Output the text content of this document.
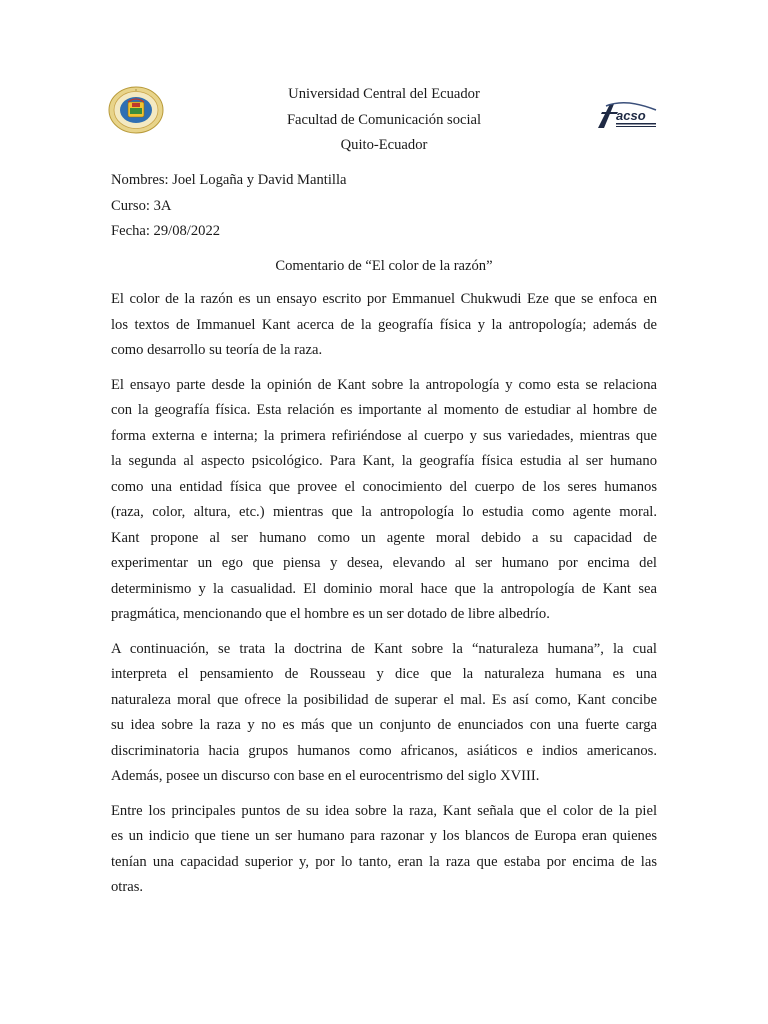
acso
Universidad Central del Ecuador
Facultad de Comunicación social
Quito-Ecuador
Nombres: Joel Logaña y David Mantilla
Curso: 3A
Fecha: 29/08/2022
Comentario de “El color de la razón”

El color de la razón es un ensayo escrito por Emmanuel Chukwudi Eze que se enfoca en
los textos de Immanuel Kant acerca de la geografía física y la antropología; además de
como desarrollo su teoría de la raza.

El ensayo parte desde la opinión de Kant sobre la antropología y como esta se relaciona
con la geografía física. Esta relación es importante al momento de estudiar al hombre de
forma externa e interna; la primera refiriéndose al cuerpo y sus variedades, mientras que
la segunda al aspecto psicológico. Para Kant, la geografía física estudia al ser humano
como una entidad física que provee el conocimiento del cuerpo de los seres humanos
(raza, color, altura, etc.) mientras que la antropología lo estudia como agente moral.
Kant propone al ser humano como un agente moral debido a su capacidad de
experimentar un ego que piensa y desea, elevando al ser humano por encima del
determinismo y la casualidad. El dominio moral hace que la antropología de Kant sea
pragmática, mencionando que el hombre es un ser dotado de libre albedrío.

A continuación, se trata la doctrina de Kant sobre la “naturaleza humana”, la cual
interpreta el pensamiento de Rousseau y dice que la naturaleza humana es una
naturaleza moral que ofrece la posibilidad de superar el mal. Es así como, Kant concibe
su idea sobre la raza y no es más que un conjunto de enunciados con una fuerte carga
discriminatoria hacia grupos humanos como africanos, asiáticos e indios americanos.
Además, posee un discurso con base en el eurocentrismo del siglo XVIII.

Entre los principales puntos de su idea sobre la raza, Kant señala que el color de la piel
es un indicio que tiene un ser humano para razonar y los blancos de Europa eran quienes
tenían una capacidad superior y, por lo tanto, eran la raza que estaba por encima de las
otras.
